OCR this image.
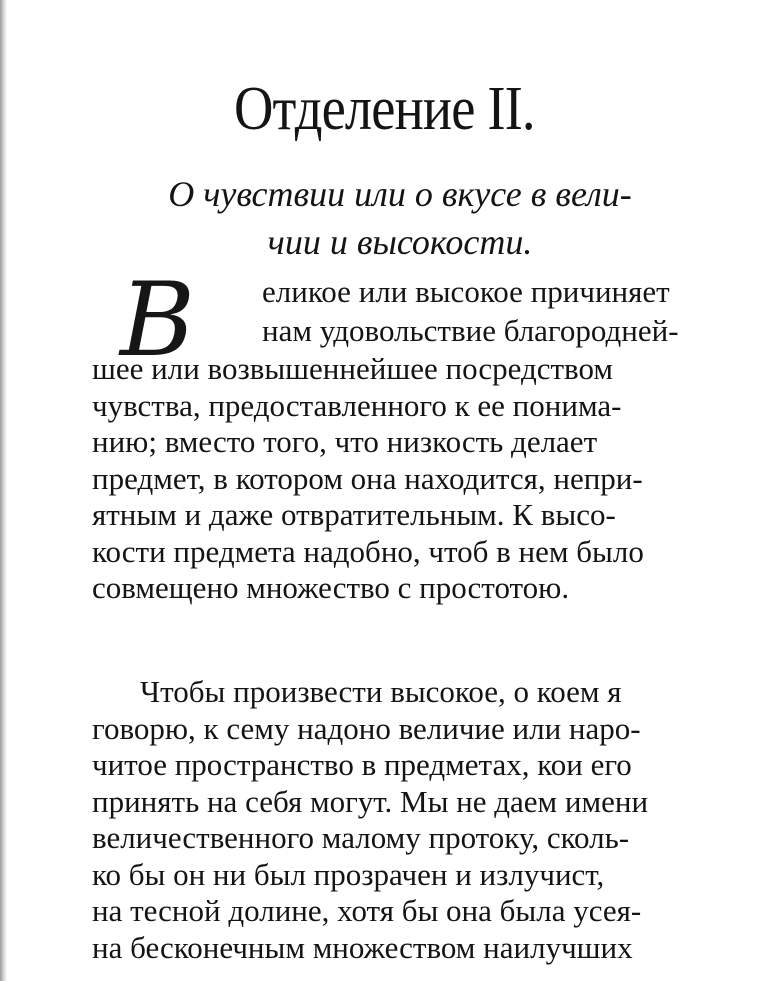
Отделение II.
О чувствии или о вкусе в вели-
чии и высокости.
В еликое или высокое причиняет
нам удовольствие благородней-
шее или возвышеннейшее посредством
чувства, предоставленного к ее понима-
нию; вместо того, что низкость делает
предмет, в котором она находится, непри-
ятным и даже отвратительным. К высо-
кости предмета надобно, чтоб в нем было
совмещено множество с простотою.
Чтобы произвести высокое, о коем я
говорю, к сему надоно величие или наро-
читое пространство в предметах, кои его
принять на себя могут. Мы не даем имени
величественного малому протоку, сколь-
ко бы он ни был прозрачен и излучист,
на тесной долине, хотя бы она была усея-
на бесконечным множеством наилучших
